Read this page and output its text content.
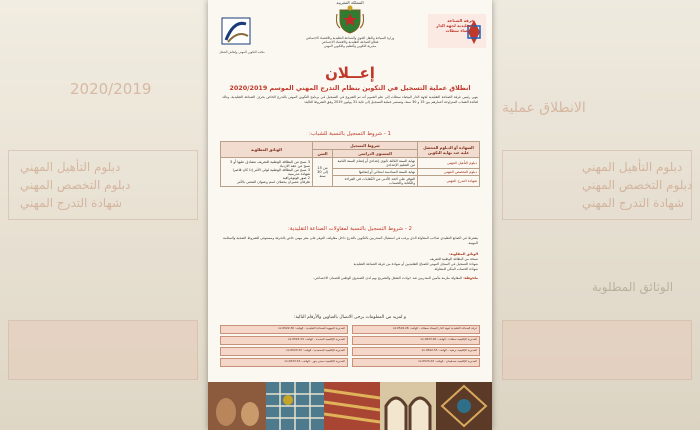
2020/2019
دبلوم التأهيل المهني
دبلوم التخصص المهني
شهادة التدرج المهني
الانطلاق عملية
دبلوم التأهيل المهني
دبلوم التخصص المهني
شهادة التدرج المهني
الوثائق المطلوبة
المملكة المغربية
وزارة السياحة والنقل الجوي والصناعة التقليدية والاقتصاد الاجتماعي
قطاع الصناعة التقليدية والاقتصاد الاجتماعي
مديرية التكوين والتعليم والتكوين المهني
مكتب التكوين المهني وإنعاش الشغل
غرفة الصناعة التقليدية لجهة الدار البيضاء سطات
إعــلان
انطلاق عملية التسجيل في التكوين بنظام التدرج المهني الموسم 2020/2019
ينهي رئيس غرفة الصناعة التقليدية لجهة الدار البيضاء سطات إلى علم العموم أنه تم الشروع في التسجيل في برنامج التكوين المهني بالتدرج الخاص بحرف الصناعة التقليدية، وذلك لفائدة الشباب المتراوحة أعمارهم بين 15 و 30 سنة، وتستمر عملية التسجيل إلى غاية 31 يوليوز 2019 وفق الشروط التالية:
1 - شروط التسجيل بالنسبة للشباب:
الشهادة أو الدبلوم المحصل عليه عند نهاية التكوين	شروط التسجيل		الوثائق المطلوبة
	المستوى الدراسي	السن	
دبلوم التأهيل المهني	نهاية السنة الثالثة ثانوي إعدادي أو إتمام السنة الثانية من التعليم الإعدادي	من 15 إلى 30 سنة	3 نسخ من البطاقة الوطنية للتعريف مصادق عليها أو 3 نسخ من عقد الازدياد
3 نسخ من البطاقة الوطنية لولي الأمر إذا كان قاصرا
شهادة مدرسية
2 صور فوتوغرافية
ظرفان متنبران يحملان اسم وعنوان المعني بالأمر

دبلوم التخصص المهني	نهاية السنة السادسة ابتدائي أو إتمامها		
شهادة التدرج المهني	التوفر على الحد الأدنى من الكفايات في القراءة والكتابة والحساب		
2 - شروط التسجيل بالنسبة لمقاولات الصناعة التقليدية:
يشترط في الصانع التقليدي صاحب المقاولة الذي يرغب في استقبال المتدربين بالتكوين بالتدرج داخل مقاولته، التوفر على مقر مهني خاص بالحرفة ومستوفي للشروط الصحية والسلامة المهنية.
الوثائق المطلوبة:
نسخة من البطاقة الوطنية للتعريف
شهادة التسجيل في السجل المهني للصناع التقليديين أو شهادة من غرفة الصناعة التقليدية
شهادة الحساب البنكي للمقاولة
ملحوظة: المقاولة ملزمة بتأمين المتدربين ضد حوادث الشغل والتصريح بهم لدى الصندوق الوطني للضمان الاجتماعي.
و لمزيد من المعلومات يرجى الاتصال بالعناوين والأرقام التالية:
غرفة الصناعة التقليدية لجهة الدار البيضاء سطات - الهاتف: 0522.26.xx
المديرية الجهوية للصناعة التقليدية - الهاتف: 0522.30.xx
المديرية الإقليمية سطات - الهاتف: 0523.40.xx
المديرية الإقليمية الجديدة - الهاتف: 0523.34.xx
المديرية الإقليمية برشيد - الهاتف: 0522.53.xx
المديرية الإقليمية المحمدية - الهاتف: 0523.32.xx
المديرية الإقليمية بنسليمان - الهاتف: 0523.29.xx
المديرية الإقليمية سيدي بنور - الهاتف: 0523.34.xx
